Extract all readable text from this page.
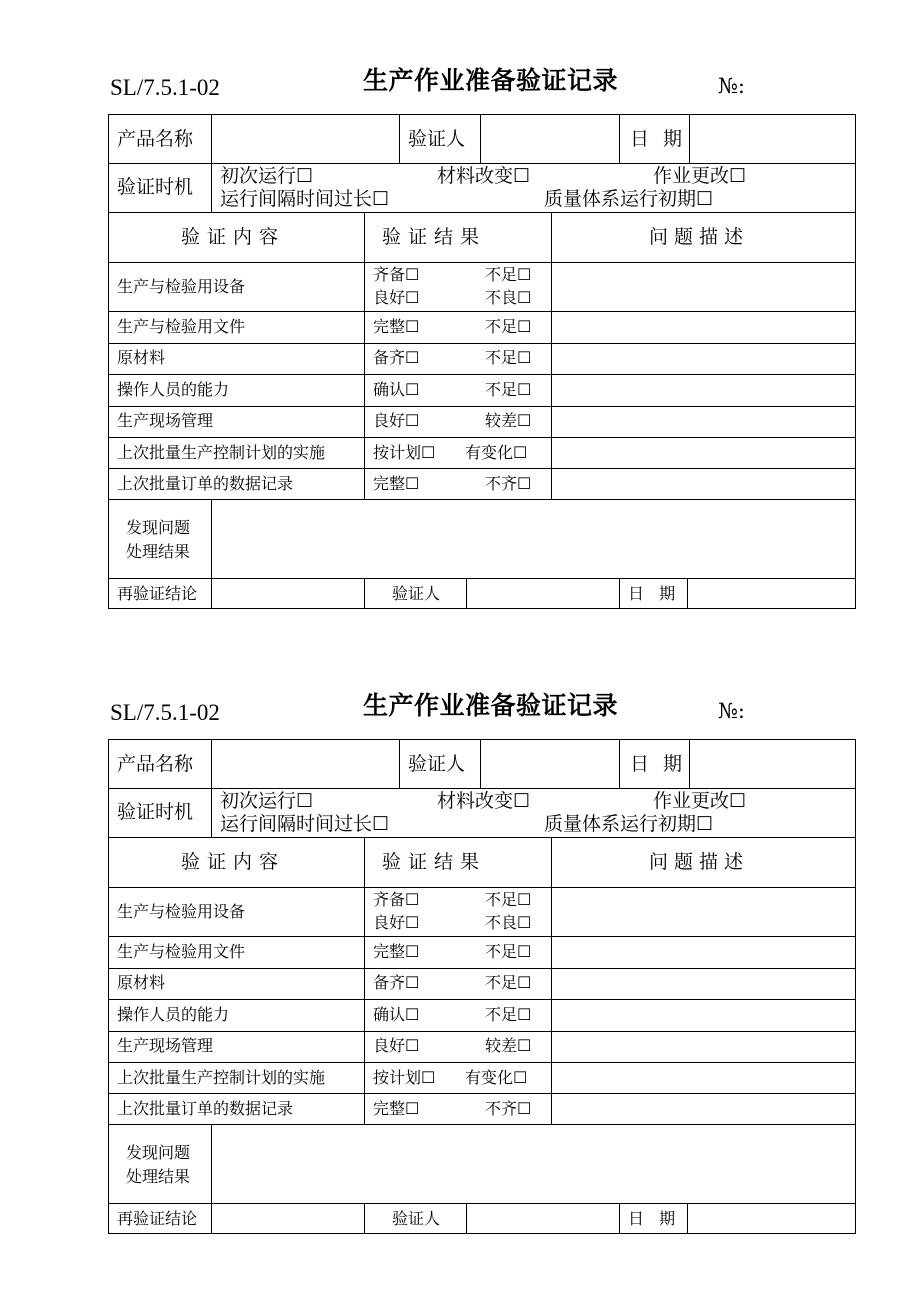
SL/7.5.1-02	生产作业准备验证记录	№:
产品名称	验证人	日 期
验证时机 初次运行☐	材料改变☐	作业更改☐
运行间隔时间过长☐	质量体系运行初期☐
验证内容	验证结果	问题描述
生产与检验用设备
齐备☐	不足☐
良好☐	不良☐
生产与检验用文件	完整☐	不足☐
原材料	备齐☐	不足☐
操作人员的能力	确认☐	不足☐
生产现场管理	良好☐	较差☐
上次批量生产控制计划的实施	按计划☐ 有变化☐
上次批量订单的数据记录	完整☐	不齐☐
发现问题
处理结果
再验证结论	验证人	日 期
SL/7.5.1-02	生产作业准备验证记录	№:
产品名称	验证人	日 期
验证时机 初次运行☐	材料改变☐	作业更改☐
运行间隔时间过长☐	质量体系运行初期☐
验证内容	验证结果	问题描述
生产与检验用设备
齐备☐	不足☐
良好☐	不良☐
生产与检验用文件	完整☐	不足☐
原材料	备齐☐	不足☐
操作人员的能力	确认☐	不足☐
生产现场管理	良好☐	较差☐
上次批量生产控制计划的实施	按计划☐ 有变化☐
上次批量订单的数据记录	完整☐	不齐☐
发现问题
处理结果
再验证结论	验证人	日 期
